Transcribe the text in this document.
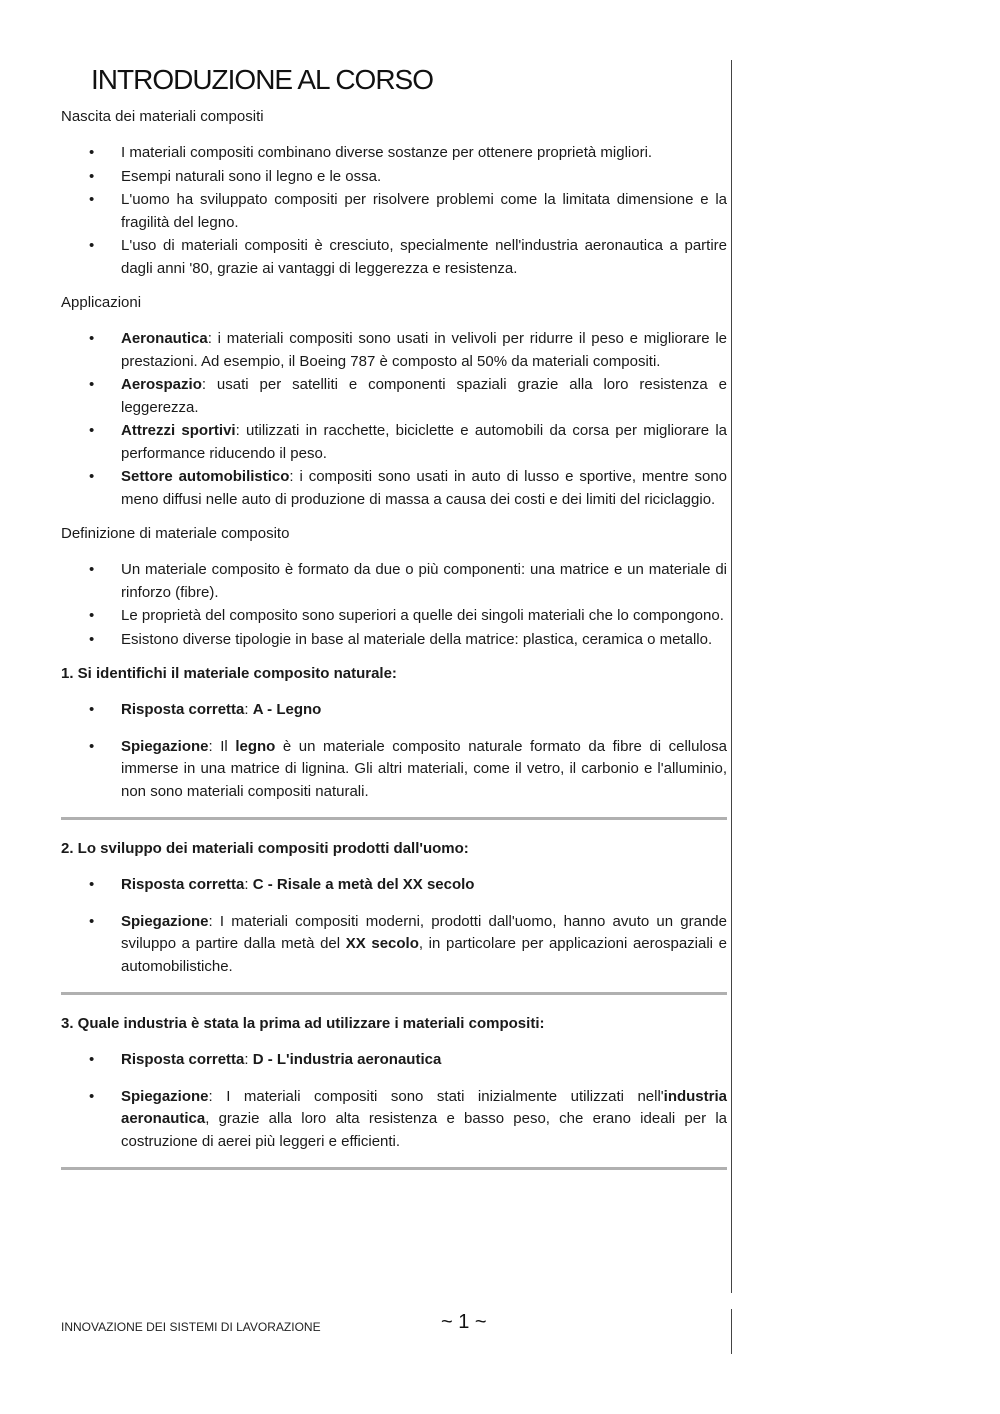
INTRODUZIONE AL CORSO
Nascita dei materiali compositi
• I materiali compositi combinano diverse sostanze per ottenere proprietà migliori.
• Esempi naturali sono il legno e le ossa.
• L'uomo ha sviluppato compositi per risolvere problemi come la limitata dimensione e la fragilità del legno.
• L'uso di materiali compositi è cresciuto, specialmente nell'industria aeronautica a partire dagli anni '80, grazie ai vantaggi di leggerezza e resistenza.
Applicazioni
• Aeronautica: i materiali compositi sono usati in velivoli per ridurre il peso e migliorare le prestazioni. Ad esempio, il Boeing 787 è composto al 50% da materiali compositi.
• Aerospazio: usati per satelliti e componenti spaziali grazie alla loro resistenza e leggerezza.
• Attrezzi sportivi: utilizzati in racchette, biciclette e automobili da corsa per migliorare la performance riducendo il peso.
• Settore automobilistico: i compositi sono usati in auto di lusso e sportive, mentre sono meno diffusi nelle auto di produzione di massa a causa dei costi e dei limiti del riciclaggio.
Definizione di materiale composito
• Un materiale composito è formato da due o più componenti: una matrice e un materiale di rinforzo (fibre).
• Le proprietà del composito sono superiori a quelle dei singoli materiali che lo compongono.
• Esistono diverse tipologie in base al materiale della matrice: plastica, ceramica o metallo.
1. Si identifichi il materiale composito naturale:
• Risposta corretta: A - Legno
• Spiegazione: Il legno è un materiale composito naturale formato da fibre di cellulosa immerse in una matrice di lignina. Gli altri materiali, come il vetro, il carbonio e l'alluminio, non sono materiali compositi naturali.
2. Lo sviluppo dei materiali compositi prodotti dall'uomo:
• Risposta corretta: C - Risale a metà del XX secolo
• Spiegazione: I materiali compositi moderni, prodotti dall'uomo, hanno avuto un grande sviluppo a partire dalla metà del XX secolo, in particolare per applicazioni aerospaziali e automobilistiche.
3. Quale industria è stata la prima ad utilizzare i materiali compositi:
• Risposta corretta: D - L'industria aeronautica
• Spiegazione: I materiali compositi sono stati inizialmente utilizzati nell'industria aeronautica, grazie alla loro alta resistenza e basso peso, che erano ideali per la costruzione di aerei più leggeri e efficienti.
INNOVAZIONE DEI SISTEMI DI LAVORAZIONE	~ 1 ~
